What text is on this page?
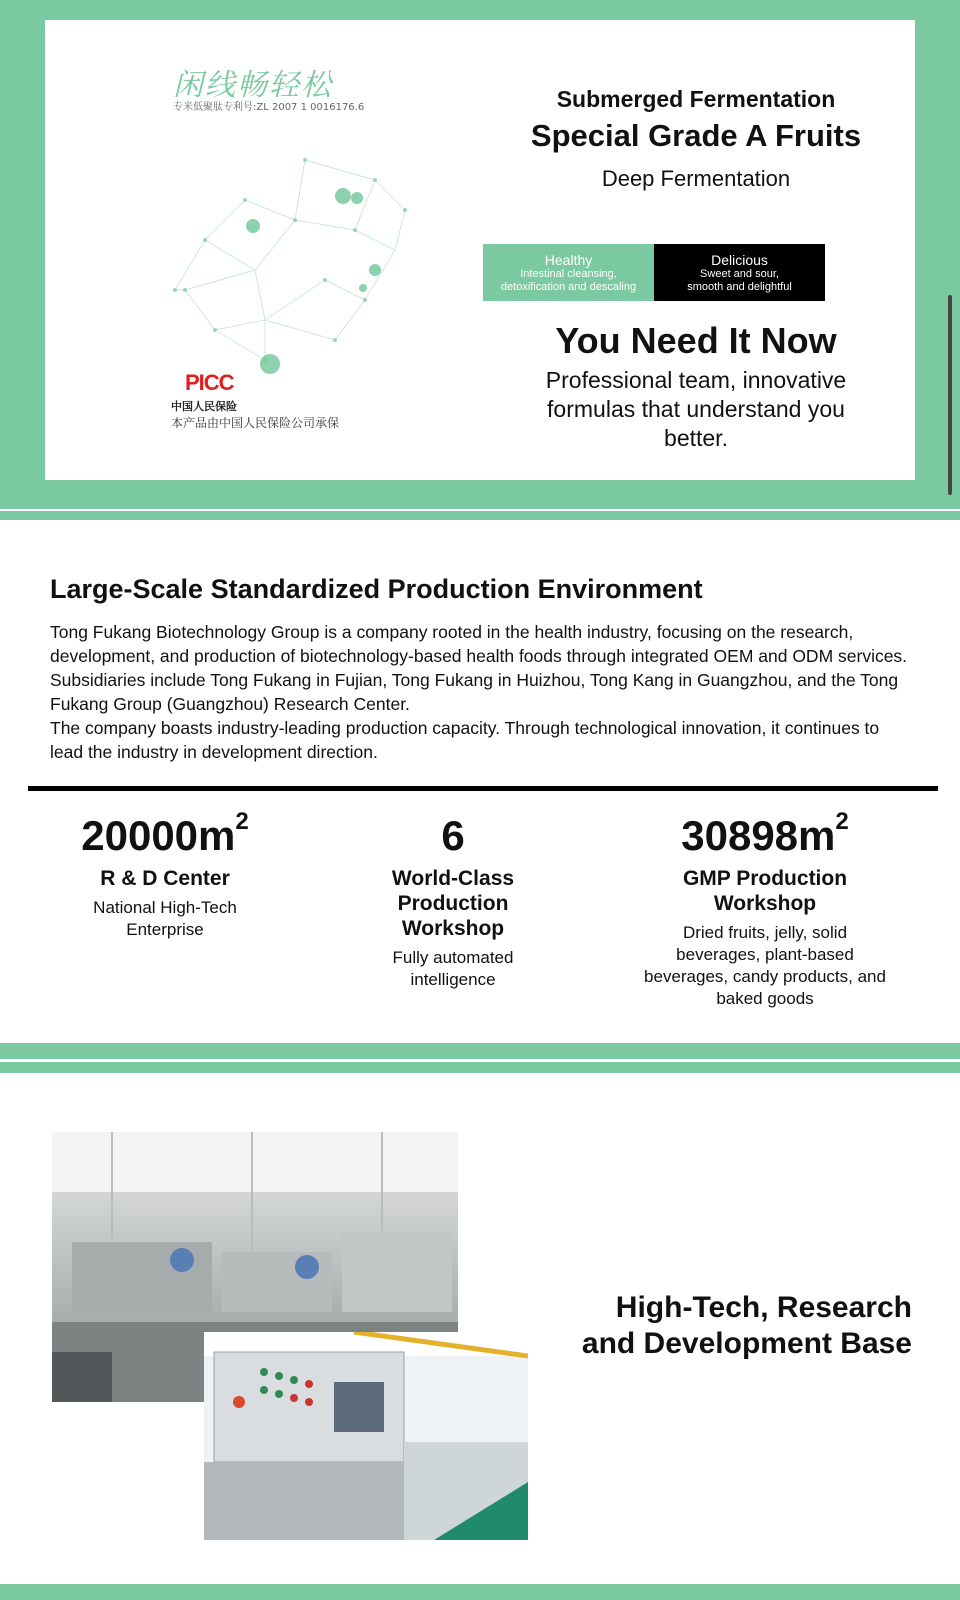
闲线畅轻松
专米低聚肽专利号:ZL 2007 1 0016176.6
PICC
中国人民保险
本产品由中国人民保险公司承保
Submerged Fermentation
Special Grade A Fruits
Deep Fermentation
Healthy
Intestinal cleansing,
detoxification and descaling
Delicious
Sweet and sour,
smooth and delightful
You Need It Now
Professional team, innovative formulas that understand you better.
Large-Scale Standardized Production Environment

Tong Fukang Biotechnology Group is a company rooted in the health industry, focusing on the research, development, and production of biotechnology-based health foods through integrated OEM and ODM services. Subsidiaries include Tong Fukang in Fujian, Tong Fukang in Huizhou, Tong Kang in Guangzhou, and the Tong Fukang Group (Guangzhou) Research Center.

The company boasts industry-leading production capacity. Through technological innovation, it continues to lead the industry in development direction.

$20000m^2$
R & D Center
National High-Tech Enterprise
6
World-Class Production Workshop
Fully automated intelligence
$30898m^2$
GMP Production Workshop
Dried fruits, jelly, solid beverages, plant-based beverages, candy products, and baked goods
High-Tech, Research and Development Base
